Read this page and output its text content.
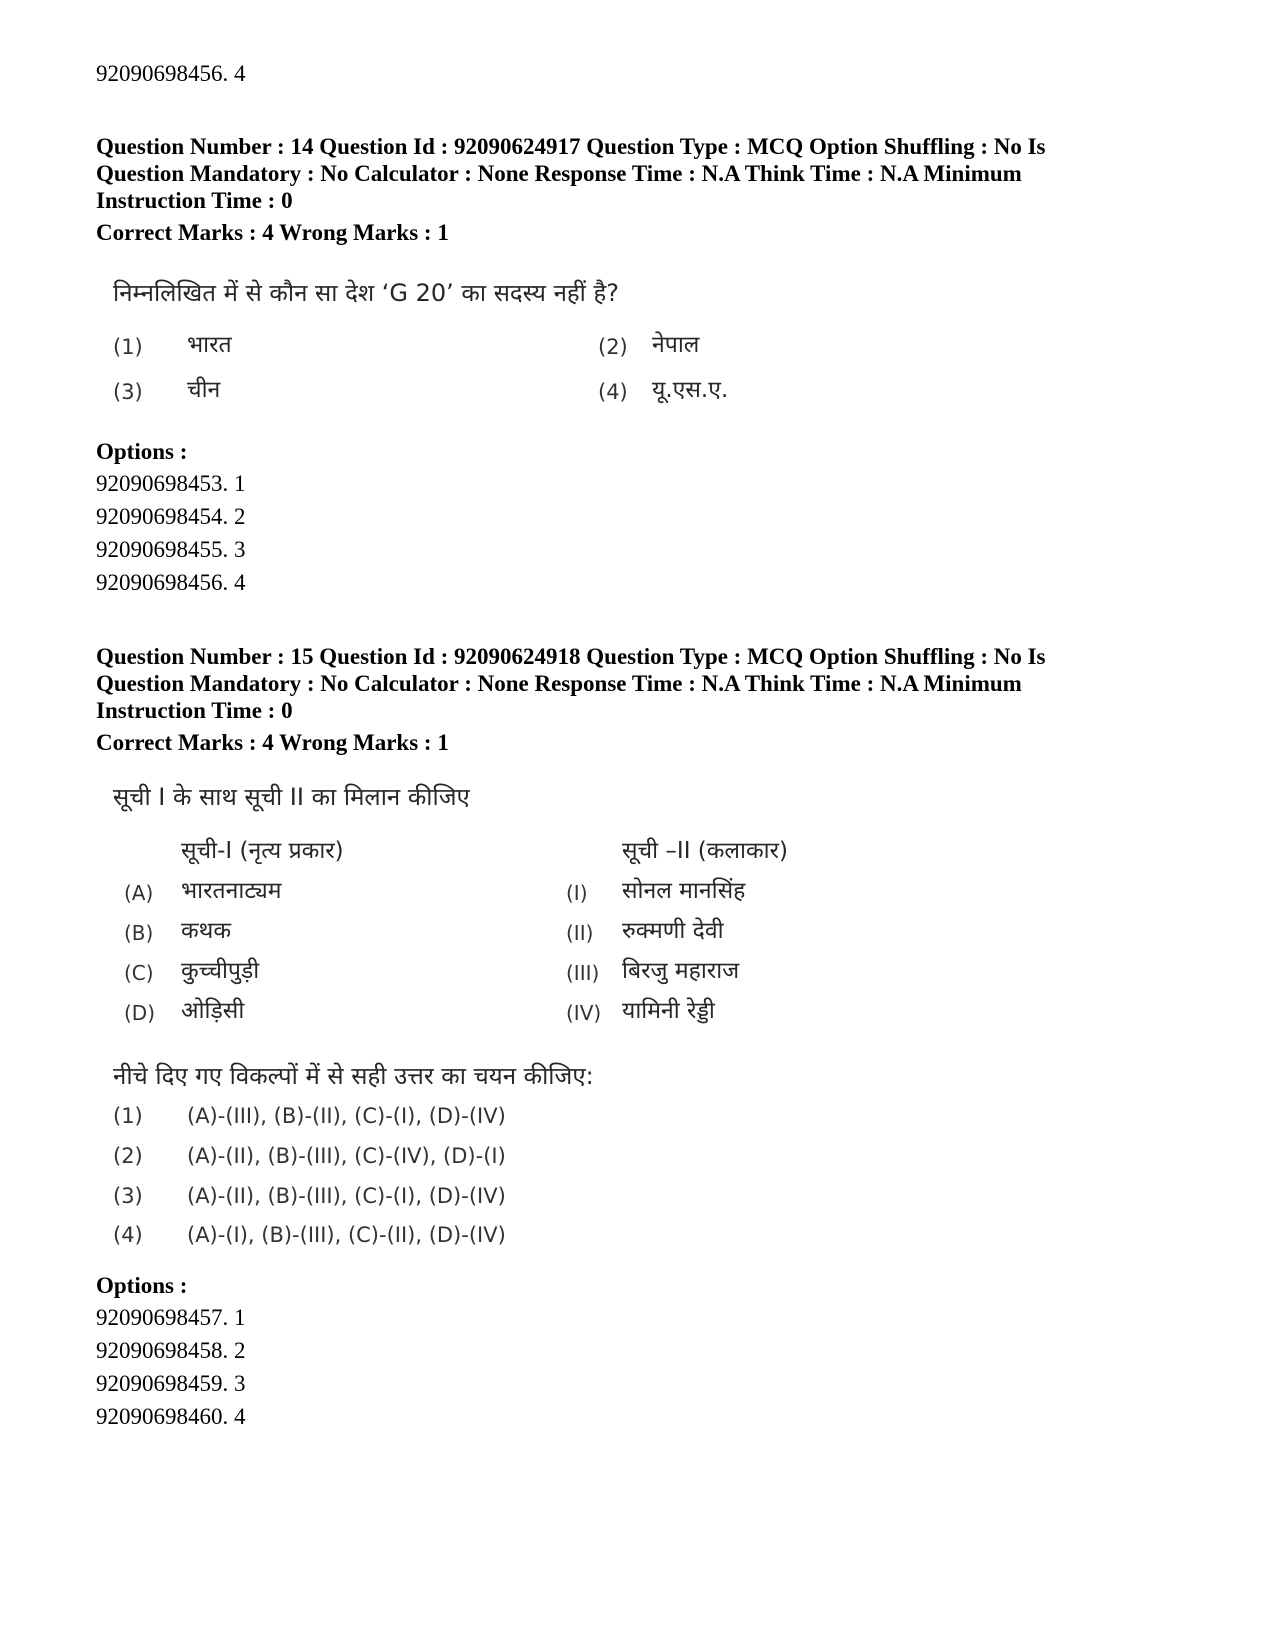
92090698456. 4
Question Number : 14 Question Id : 92090624917 Question Type : MCQ Option Shuffling : No Is
Question Mandatory : No Calculator : None Response Time : N.A Think Time : N.A Minimum
Instruction Time : 0
Correct Marks : 4 Wrong Marks : 1
निम्नलिखित में से कौन सा देश ‘G 20’ का सदस्य नहीं है?
(1) भारत	(2) नेपाल
(3) चीन	(4) यू.एस.ए.
Options :
92090698453. 1
92090698454. 2
92090698455. 3
92090698456. 4
Question Number : 15 Question Id : 92090624918 Question Type : MCQ Option Shuffling : No Is
Question Mandatory : No Calculator : None Response Time : N.A Think Time : N.A Minimum
Instruction Time : 0
Correct Marks : 4 Wrong Marks : 1
सूची I के साथ सूची II का मिलान कीजिए
सूची-I (नृत्य प्रकार)	सूची –II (कलाकार)
(A) भारतनाट्यम	(I) सोनल मानसिंह
(B) कथक	(II) रुक्मणी देवी
(C) कुच्चीपुड़ी	(III) बिरजु महाराज
(D) ओड़िसी	(IV) यामिनी रेड्डी
नीचे दिए गए विकल्पों में से सही उत्तर का चयन कीजिए:
(1) (A)-(III), (B)-(II), (C)-(I), (D)-(IV)
(2) (A)-(II), (B)-(III), (C)-(IV), (D)-(I)
(3) (A)-(II), (B)-(III), (C)-(I), (D)-(IV)
(4) (A)-(I), (B)-(III), (C)-(II), (D)-(IV)
Options :
92090698457. 1
92090698458. 2
92090698459. 3
92090698460. 4
